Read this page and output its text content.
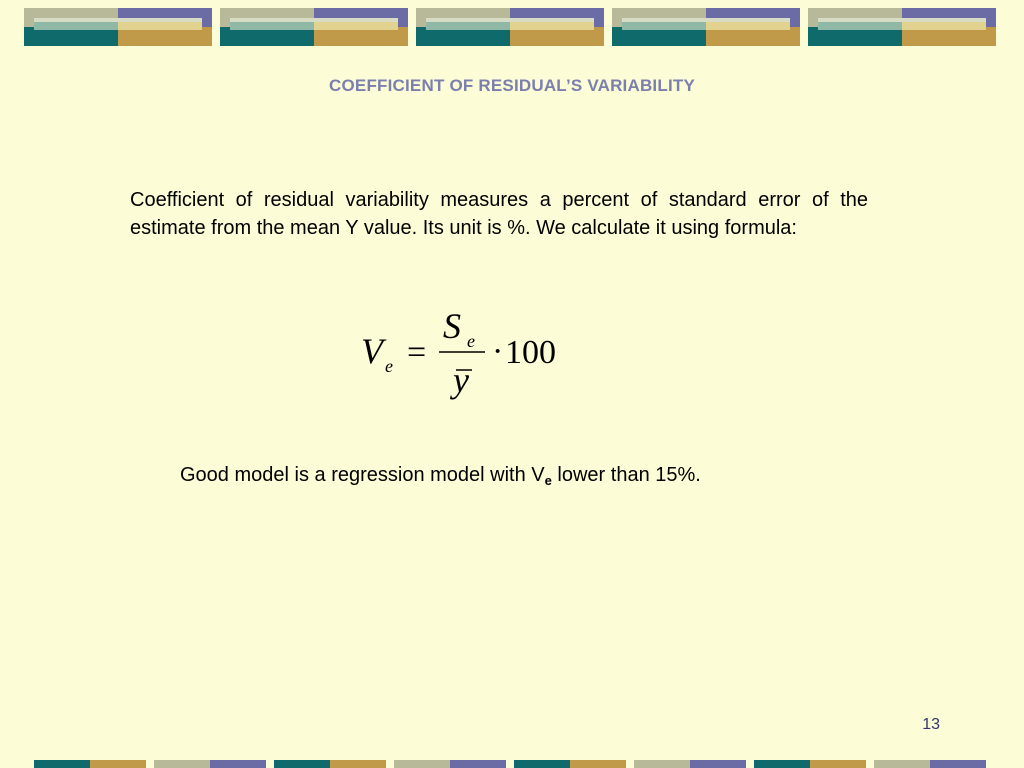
COEFFICIENT OF RESIDUAL’S VARIABILITY
Coefficient of residual variability measures a percent of standard error of the estimate from the mean Y value. Its unit is %. We calculate it using formula:
V e
S e
y
= · 100
Good model is a regression model with $V_e$ lower than 15%.
13
